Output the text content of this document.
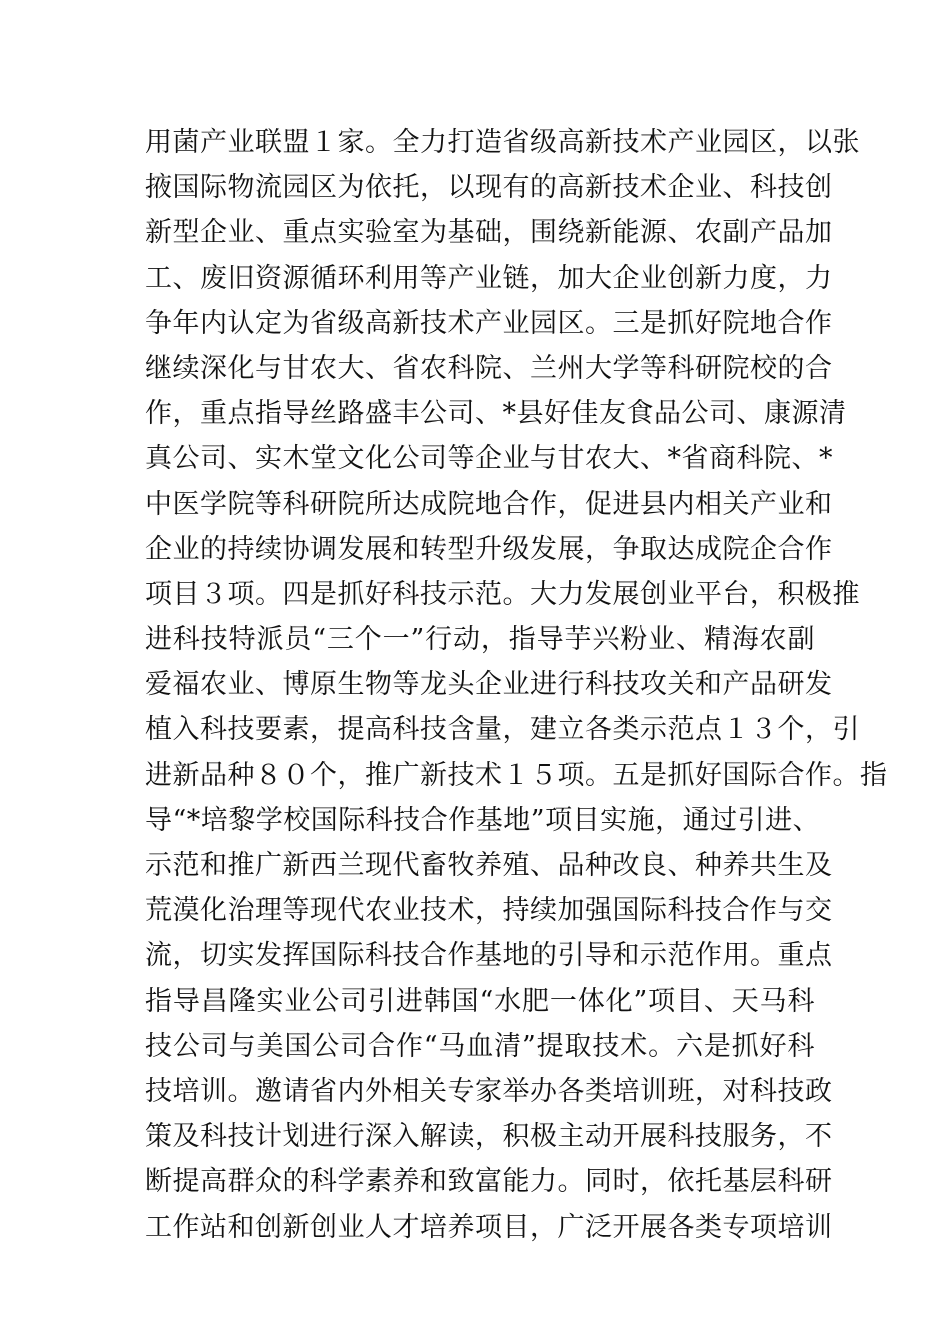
用菌产业联盟１家。全力打造省级高新技术产业园区，以张
掖国际物流园区为依托，以现有的高新技术企业、科技创
新型企业、重点实验室为基础，围绕新能源、农副产品加
工、废旧资源循环利用等产业链，加大企业创新力度，力
争年内认定为省级高新技术产业园区。三是抓好院地合作
继续深化与甘农大、省农科院、兰州大学等科研院校的合
作，重点指导丝路盛丰公司、*县好佳友食品公司、康源清
真公司、实木堂文化公司等企业与甘农大、*省商科院、*
中医学院等科研院所达成院地合作，促进县内相关产业和
企业的持续协调发展和转型升级发展，争取达成院企合作
项目３项。四是抓好科技示范。大力发展创业平台，积极推
进科技特派员“三个一”行动，指导芋兴粉业、精海农副
爱福农业、博原生物等龙头企业进行科技攻关和产品研发
植入科技要素，提高科技含量，建立各类示范点１３个，引
进新品种８０个，推广新技术１５项。五是抓好国际合作。指
导“*培黎学校国际科技合作基地”项目实施，通过引进、
示范和推广新西兰现代畜牧养殖、品种改良、种养共生及
荒漠化治理等现代农业技术，持续加强国际科技合作与交
流，切实发挥国际科技合作基地的引导和示范作用。重点
指导昌隆实业公司引进韩国“水肥一体化”项目、天马科
技公司与美国公司合作“马血清”提取技术。六是抓好科
技培训。邀请省内外相关专家举办各类培训班，对科技政
策及科技计划进行深入解读，积极主动开展科技服务，不
断提高群众的科学素养和致富能力。同时，依托基层科研
工作站和创新创业人才培养项目，广泛开展各类专项培训
